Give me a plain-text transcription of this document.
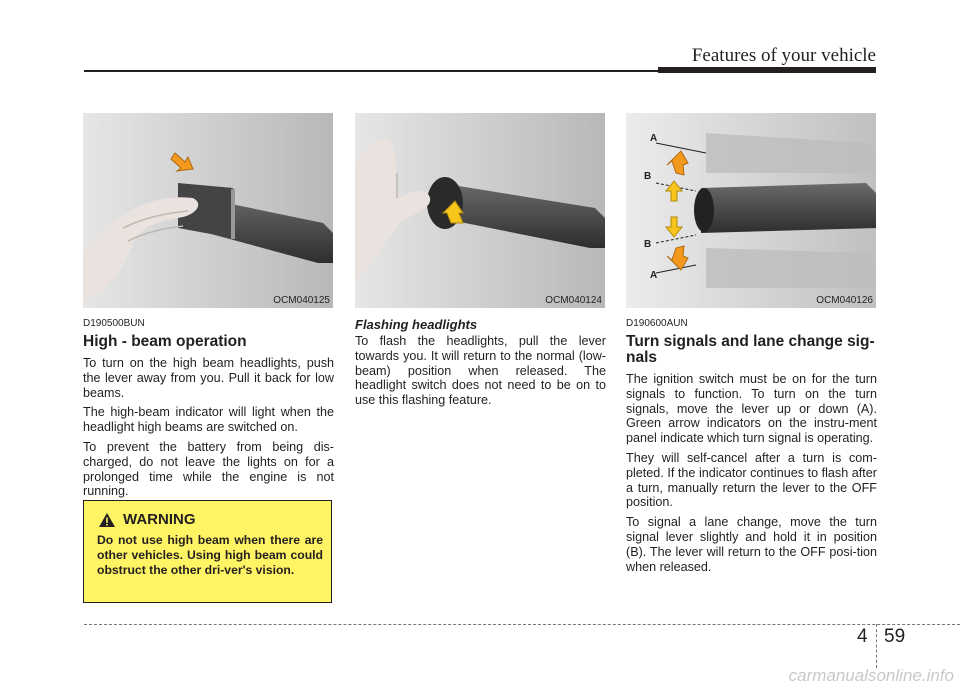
Features of your vehicle
OCM040125	OCM040124
A
B
B
A
OCM040126
D190500BUN
High - beam operation

To turn on the high beam headlights, push the lever away from you. Pull it back for low beams.

The high-beam indicator will light when the headlight high beams are switched on.

To prevent the battery from being dis-charged, do not leave the lights on for a prolonged time while the engine is not running.

WARNING
Do not use high beam when there are other vehicles. Using high beam could obstruct the other dri-ver's vision.
Flashing headlights

To flash the headlights, pull the lever towards you. It will return to the normal (low-beam) position when released. The headlight switch does not need to be on to use this flashing feature.

D190600AUN
Turn signals and lane change sig-nals

The ignition switch must be on for the turn signals to function. To turn on the turn signals, move the lever up or down (A). Green arrow indicators on the instru-ment panel indicate which turn signal is operating.

They will self-cancel after a turn is com-pleted. If the indicator continues to flash after a turn, manually return the lever to the OFF position.

To signal a lane change, move the turn signal lever slightly and hold it in position (B). The lever will return to the OFF posi-tion when released.

4 59
carmanualsonline.info
